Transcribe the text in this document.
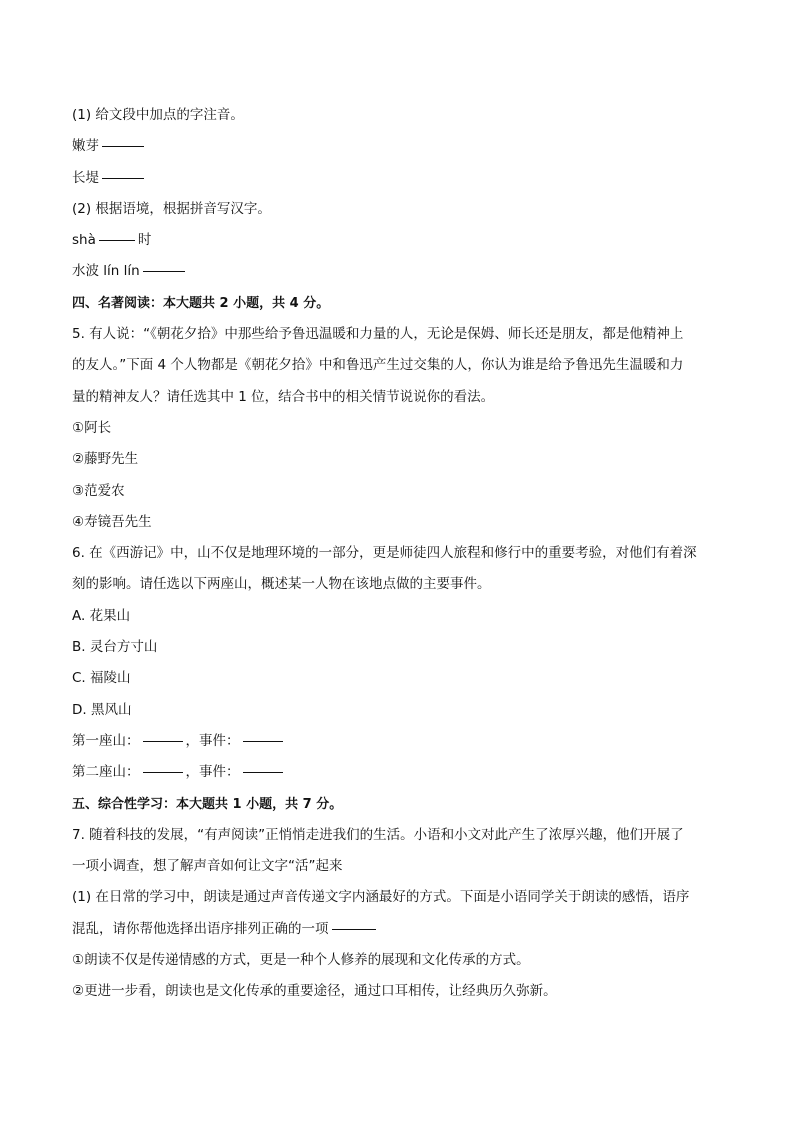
(1) 给文段中加点的字注音。
嫩芽
长堤
(2) 根据语境，根据拼音写汉字。
shà	时
水波 lín lín
四、名著阅读：本大题共 2 小题，共 4 分。
5. 有人说：“《朝花夕拾》中那些给予鲁迅温暖和力量的人，无论是保姆、师长还是朋友，都是他精神上
的友人。”下面 4 个人物都是《朝花夕拾》中和鲁迅产生过交集的人，你认为谁是给予鲁迅先生温暖和力
量的精神友人？请任选其中 1 位，结合书中的相关情节说说你的看法。
①阿长
②藤野先生
③范爱农
④寿镜吾先生
6. 在《西游记》中，山不仅是地理环境的一部分，更是师徒四人旅程和修行中的重要考验，对他们有着深
刻的影响。请任选以下两座山，概述某一人物在该地点做的主要事件。
A. 花果山
B. 灵台方寸山
C. 福陵山
D. 黑风山
第一座山：	，事件：
第二座山：	，事件：
五、综合性学习：本大题共 1 小题，共 7 分。
7. 随着科技的发展，“有声阅读”正悄悄走进我们的生活。小语和小文对此产生了浓厚兴趣，他们开展了
一项小调查，想了解声音如何让文字“活”起来
(1) 在日常的学习中，朗读是通过声音传递文字内涵最好的方式。下面是小语同学关于朗读的感悟，语序
混乱，请你帮他选择出语序排列正确的一项
①朗读不仅是传递情感的方式，更是一种个人修养的展现和文化传承的方式。
②更进一步看，朗读也是文化传承的重要途径，通过口耳相传，让经典历久弥新。
